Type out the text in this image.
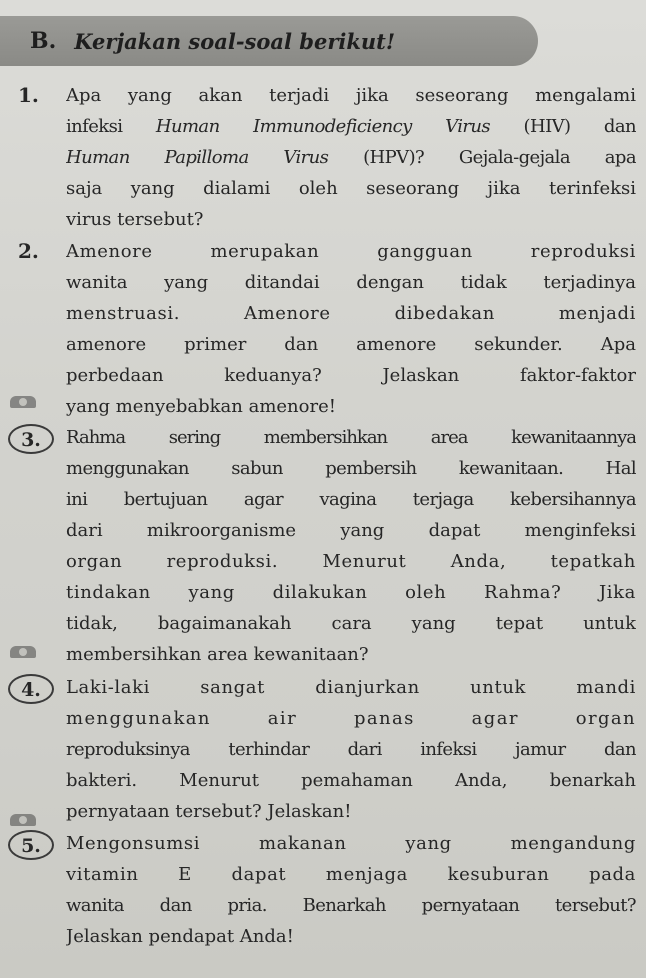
B. Kerjakan soal-soal berikut!
1. Apa yang akan terjadi jika seseorang mengalami
infeksi Human Immunodeficiency Virus (HIV) dan
Human Papilloma Virus (HPV)? Gejala-gejala apa
saja yang dialami oleh seseorang jika terinfeksi
virus tersebut?
2. Amenore merupakan gangguan reproduksi
wanita yang ditandai dengan tidak terjadinya
menstruasi. Amenore dibedakan menjadi
amenore primer dan amenore sekunder. Apa
perbedaan keduanya? Jelaskan faktor-faktor
yang menyebabkan amenore!
3.	Rahma sering membersihkan area kewanitaannya
menggunakan sabun pembersih kewanitaan. Hal
ini bertujuan agar vagina terjaga kebersihannya
dari mikroorganisme yang dapat menginfeksi
organ reproduksi. Menurut Anda, tepatkah
tindakan yang dilakukan oleh Rahma? Jika
tidak, bagaimanakah cara yang tepat untuk
membersihkan area kewanitaan?
4.	Laki-laki sangat dianjurkan untuk mandi
menggunakan air panas agar organ
reproduksinya terhindar dari infeksi jamur dan
bakteri. Menurut pemahaman Anda, benarkah
pernyataan tersebut? Jelaskan!
5.	Mengonsumsi makanan yang mengandung
vitamin E dapat menjaga kesuburan pada
wanita dan pria. Benarkah pernyataan tersebut?
Jelaskan pendapat Anda!
